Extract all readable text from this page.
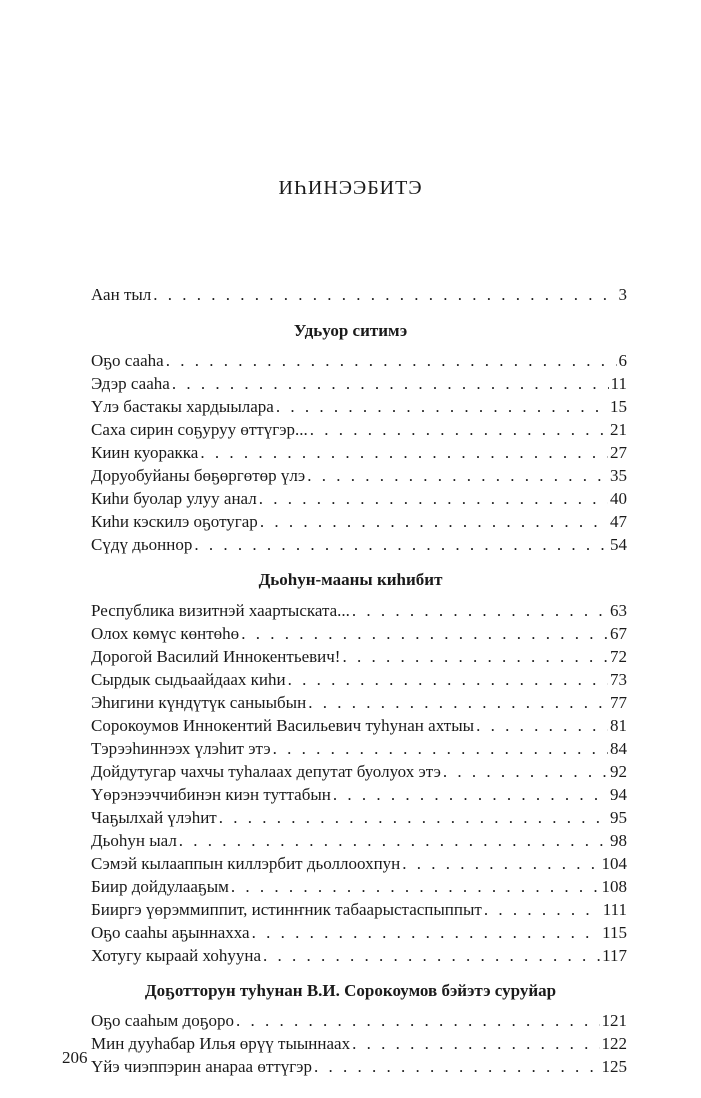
ИҺИНЭЭБИТЭ
Аан тыл . . .	3
Удьуор ситимэ
Оҕо сааһа . . .	6
Эдэр сааһа . . .	11
Үлэ бастакы хардыылара . . .	15
Саха сирин соҕуруу өттүгэр... . . .	21
Киин куоракка . . .	27
Доруобуйаны бөҕөргөтөр үлэ . . .	35
Киһи буолар улуу анал . . .	40
Киһи кэскилэ оҕотугар . . .	47
Сүдү дьоннор . . .	54
Дьоһун-мааны киһибит
Республика визитнэй хаартыската... . . .	63
Олох көмүс көнтөһө . . .	67
Дорогой Василий Иннокентьевич! . . .	72
Сырдык сыдьаайдаах киһи . . .	73
Эһигини күндүтүк саныыбын . . .	77
Сорокоумов Иннокентий Васильевич туһунан ахтыы . . .	81
Тэрээһиннээх үлэһит этэ . . .	84
Дойдутугар чахчы туһалаах депутат буолуох этэ . . .	92
Үөрэнээччибинэн киэн туттабын . . .	94
Чаҕылхай үлэһит . . .	95
Дьоһун ыал . . .	98
Сэмэй кылааппын киллэрбит дьоллоохпун . . .	104
Биир дойдулааҕым . . .	108
Бииргэ үөрэммиппит, истинҥник табаарыстаспыппыт . . .	111
Оҕо сааһы аҕыннахха . . .	115
Хотугу кыраай хоһууна . . .	117
Доҕотторун туһунан В.И. Сорокоумов бэйэтэ суруйар
Оҕо сааһым доҕоро . . .	121
Мин дууһабар Илья өрүү тыыннаах . . .	122
Үйэ чиэппэрин анараа өттүгэр . . .	125
206
